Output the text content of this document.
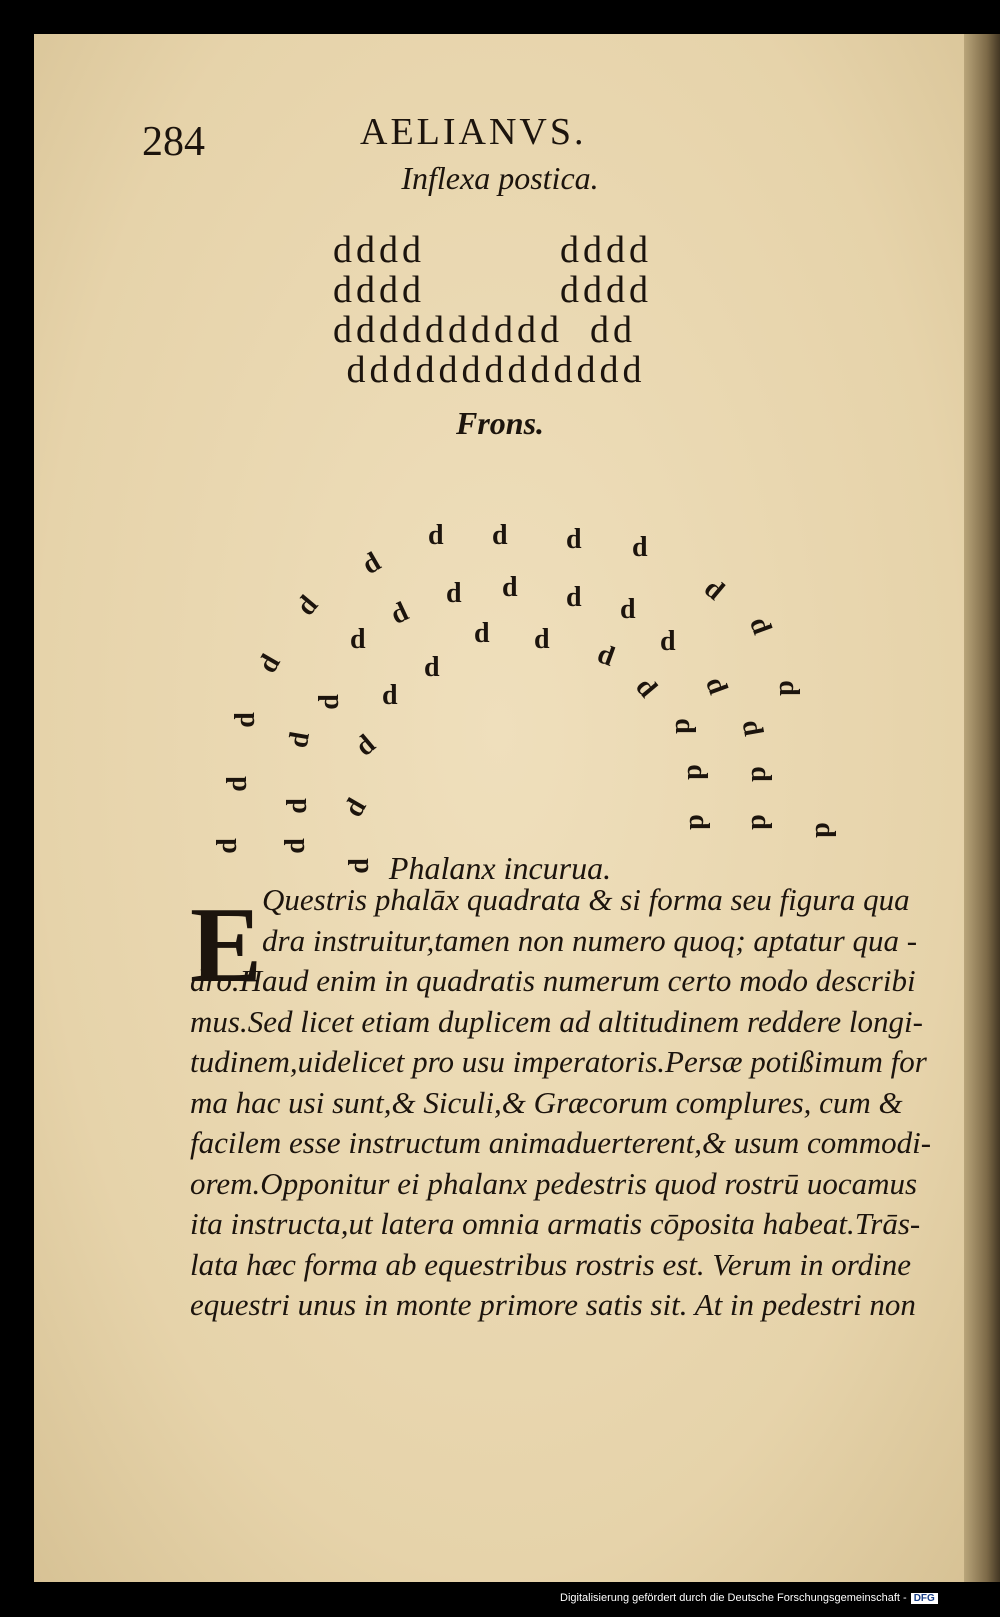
284	AELIANVS.
Inflexa postica.
dddd          dddd
dddd          dddd
dddddddddd  dd
ddddddddddddd
Frons.
d d d d
d
d d
d d d d
d
d
d
d d d d
d
d
d
d	d d d
d
d d
d d
d
d d
d d
d d
d
d d
d
Phalanx incurua.
E Questris phalāx quadrata & si forma seu figura qua
dra instruitur,tamen non numero quoq; aptatur qua -
dro.Haud enim in quadratis numerum certo modo describi
mus.Sed licet etiam duplicem ad altitudinem reddere longi-
tudinem,uidelicet pro usu imperatoris.Persæ potißimum for
ma hac usi sunt,& Siculi,& Græcorum complures, cum &
facilem esse instructum animaduerterent,& usum commodi-
orem.Opponitur ei phalanx pedestris quod rostrū uocamus
ita instructa,ut latera omnia armatis cōposita habeat.Trās-
lata hæc forma ab equestribus rostris est. Verum in ordine
equestri unus in monte primore satis sit. At in pedestri non
Digitalisierung gefördert durch die Deutsche Forschungsgemeinschaft - DFG
